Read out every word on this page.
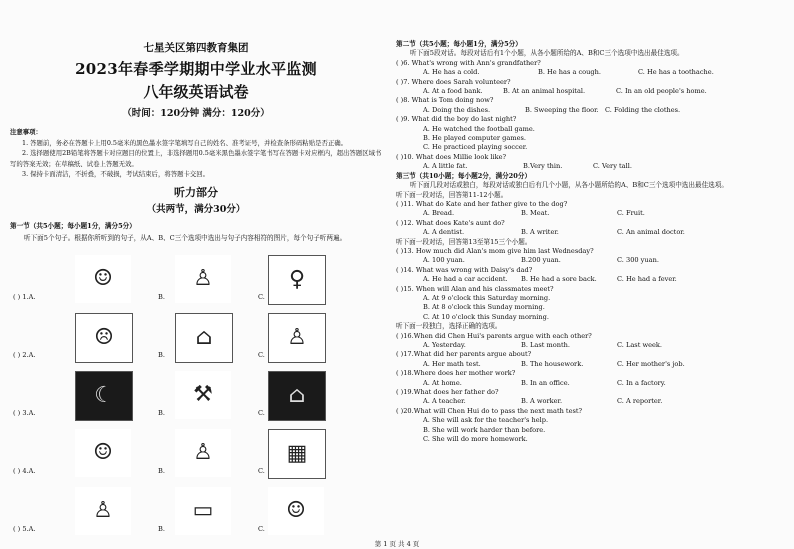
七星关区第四教育集团
2023年春季学期期中学业水平监测
八年级英语试卷
（时间：120分钟 满分：120分）

注意事项：

1. 答题前，务必在答题卡上用0.5毫米的黑色墨水签字笔填写自己的姓名、准考证号，并检查条形码粘贴是否正确。

2. 选择题使用2B铅笔将答题卡对应题目的位置上，非选择题用0.5毫米黑色墨水签字笔书写在答题卡对应框内，超出答题区域书写的答案无效；在草稿纸、试卷上答题无效。

3. 保持卡面清洁，不折叠，不破损，考试结束后，将答题卡交回。

听力部分
（共两节，满分30分）
第一节（共5小题；每小题1分，满分5分）
听下面5个句子。根据你所听到的句子，从A、B、C三个选项中选出与句子内容相符的图片，每个句子听两遍。
( ) 1.A.
☺
B.
♙
C.
♀
( ) 2.A.
☹
B.
⌂
C.
♙
( ) 3.A.
☾
B.
⚒
C.
⌂
( ) 4.A.
☺
B.
♙
C.
▦
( ) 5.A.
♙
B.
▭
C.
☺
第二节（共5小题；每小题1分，满分5分）
听下面5段对话。每段对话后有1个小题，从各小题所给的A、B和C三个选项中选出最佳选项。
( )6. What's wrong with Ann's grandfather?
A. He has a cold.	B. He has a cough.	C. He has a toothache.
( )7. Where does Sarah volunteer?
A. At a food bank.	B. At an animal hospital.	C. In an old people's home.
( )8. What is Tom doing now?
A. Doing the dishes.	B. Sweeping the floor. C. Folding the clothes.
( )9. What did the boy do last night?
A. He watched the football game.
B. He played computer games.
C. He practiced playing soccer.
( )10. What does Millie look like?
A. A little fat.	B.Very thin.	C. Very tall.
第三节（共10小题；每小题2分，满分20分）
听下面几段对话或独白，每段对话或独白后有几个小题，从各小题所给的A、B和C三个选项中选出最佳选项。
听下面一段对话，回答第11-12小题。
( )11. What do Kate and her father give to the dog?
A. Bread.	B. Meat.	C. Fruit.
( )12. What does Kate's aunt do?
A. A dentist.	B. A writer.	C. An animal doctor.
听下面一段对话，回答第13至第15三个小题。
( )13. How much did Alan's mom give him last Wednesday?
A. 100 yuan.	B.200 yuan.	C. 300 yuan.
( )14. What was wrong with Daisy's dad?
A. He had a car accident.	B. He had a sore back.	C. He had a fever.
( )15. When will Alan and his classmates meet?
A. At 9 o'clock this Saturday morning.
B. At 8 o'clock this Sunday morning.
C. At 10 o'clock this Sunday morning.
听下面一段独白，选择正确的选项。
( )16.When did Chen Hui's parents argue with each other?
A. Yesterday.	B. Last month.	C. Last week.
( )17.What did her parents argue about?
A. Her math test.	B. The housework.	C. Her mother's job.
( )18.Where does her mother work?
A. At home.	B. In an office.	C. In a factory.
( )19.What does her father do?
A. A teacher.	B. A worker.	C. A reporter.
( )20.What will Chen Hui do to pass the next math test?
A. She will ask for the teacher's help.
B. She will work harder than before.
C. She will do more homework.
第 1 页 共 4 页
